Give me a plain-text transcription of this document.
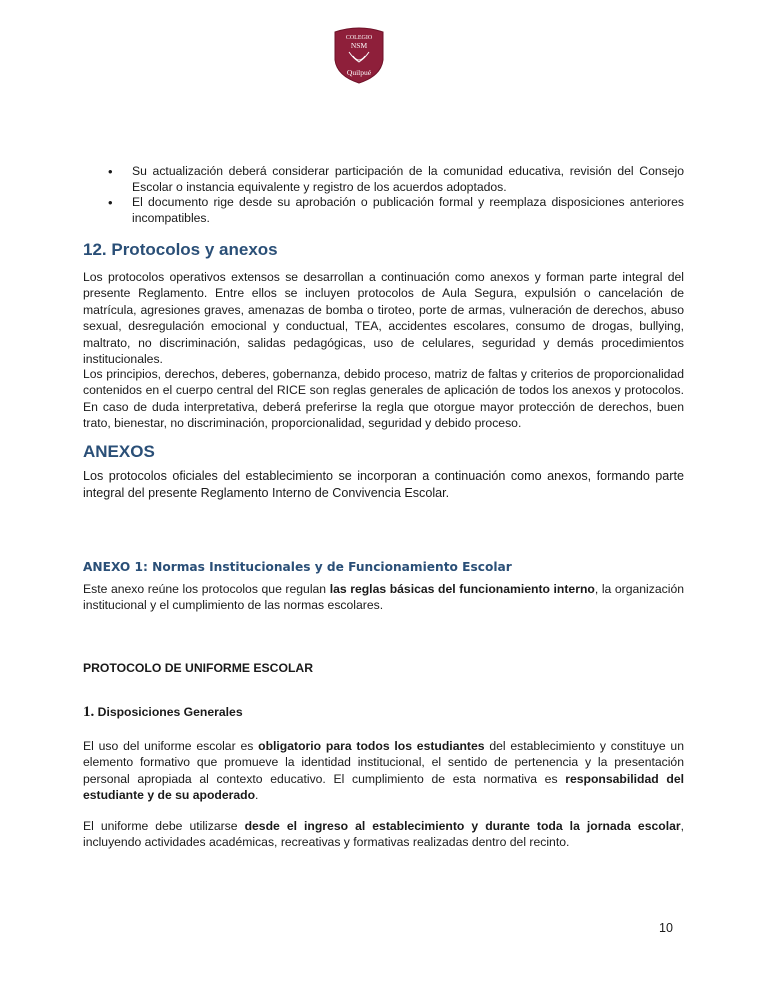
COLEGIO
NSM
Quilpué
• Su actualización deberá considerar participación de la comunidad educativa, revisión del Consejo Escolar o instancia equivalente y registro de los acuerdos adoptados.
• El documento rige desde su aprobación o publicación formal y reemplaza disposiciones anteriores incompatibles.
12. Protocolos y anexos

Los protocolos operativos extensos se desarrollan a continuación como anexos y forman parte integral del presente Reglamento. Entre ellos se incluyen protocolos de Aula Segura, expulsión o cancelación de matrícula, agresiones graves, amenazas de bomba o tiroteo, porte de armas, vulneración de derechos, abuso sexual, desregulación emocional y conductual, TEA, accidentes escolares, consumo de drogas, bullying, maltrato, no discriminación, salidas pedagógicas, uso de celulares, seguridad y demás procedimientos institucionales.

Los principios, derechos, deberes, gobernanza, debido proceso, matriz de faltas y criterios de proporcionalidad contenidos en el cuerpo central del RICE son reglas generales de aplicación de todos los anexos y protocolos. En caso de duda interpretativa, deberá preferirse la regla que otorgue mayor protección de derechos, buen trato, bienestar, no discriminación, proporcionalidad, seguridad y debido proceso.

ANEXOS

Los protocolos oficiales del establecimiento se incorporan a continuación como anexos, formando parte integral del presente Reglamento Interno de Convivencia Escolar.

ANEXO 1: Normas Institucionales y de Funcionamiento Escolar

Este anexo reúne los protocolos que regulan las reglas básicas del funcionamiento interno, la organización institucional y el cumplimiento de las normas escolares.

PROTOCOLO DE UNIFORME ESCOLAR
1. Disposiciones Generales

El uso del uniforme escolar es obligatorio para todos los estudiantes del establecimiento y constituye un elemento formativo que promueve la identidad institucional, el sentido de pertenencia y la presentación personal apropiada al contexto educativo. El cumplimiento de esta normativa es responsabilidad del estudiante y de su apoderado.

El uniforme debe utilizarse desde el ingreso al establecimiento y durante toda la jornada escolar, incluyendo actividades académicas, recreativas y formativas realizadas dentro del recinto.

10
